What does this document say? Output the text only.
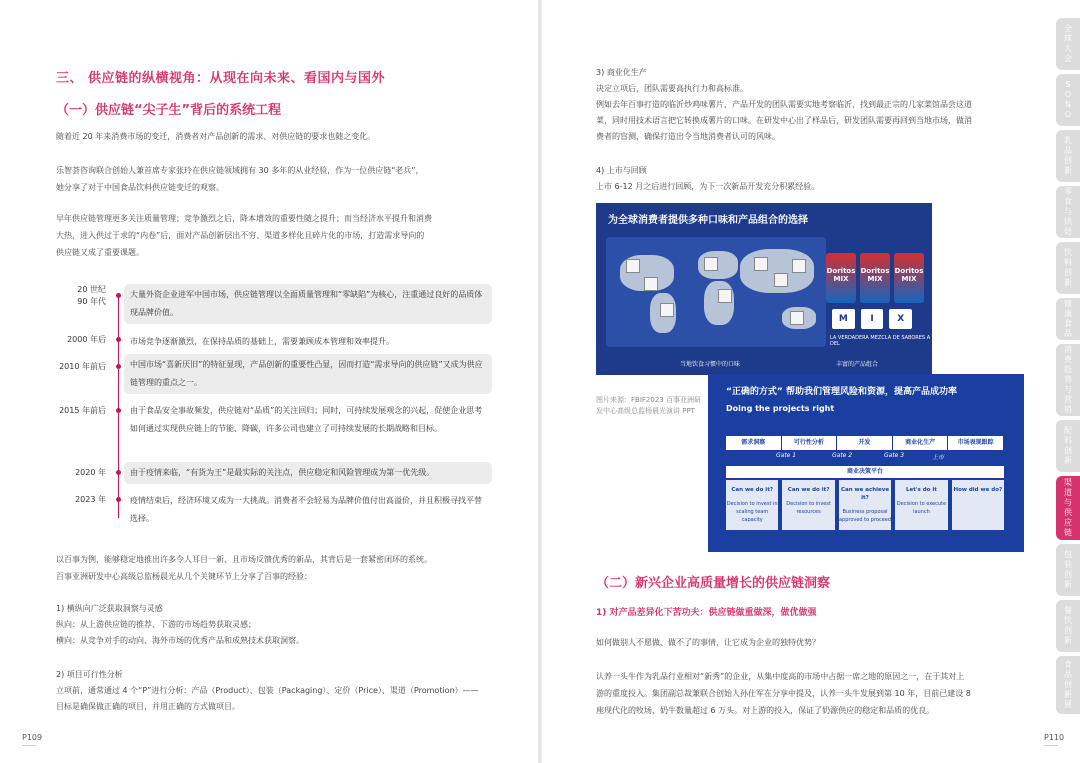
三、 供应链的纵横视角：从现在向未来、看国内与国外
（一）供应链“尖子生”背后的系统工程
随着近 20 年来消费市场的变迁，消费者对产品创新的需求、对供应链的要求也随之变化。
乐智荟咨询联合创始人兼首席专家张玲在供应链领域拥有 30 多年的从业经验，作为一位供应链“老兵”，
她分享了对于中国食品饮料供应链变迁的观察。
早年供应链管理更多关注质量管理；竞争激烈之后，降本增效的重要性随之提升；而当经济水平提升和消费
大热，进入供过于求的“内卷”后，面对产品创新层出不穷、渠道多样化且碎片化的市场，打造需求导向的
供应链又成了重要课题。
20 世纪
90 年代
大量外资企业进军中国市场，供应链管理以全面质量管理和“零缺陷”为核心，注重通过良好的品质体现品牌价值。
2000 年后	市场竞争逐渐激烈，在保持品质的基础上，需要兼顾成本管理和效率提升。
2010 年前后	中国市场“喜新厌旧”的特征显现，产品创新的重要性凸显，因而打造“需求导向的供应链”又成为供应链管理的重点之一。
2015 年前后	由于食品安全事故频发，供应链对“品质”的关注回归；同时，可持续发展观念的兴起，促使企业思考如何通过实现供应链上的节能、降碳，许多公司也建立了可持续发展的长期战略和目标。
2020 年	由于疫情来临，“有货为王”是最实际的关注点，供应稳定和风险管理成为第一优先级。
2023 年	疫情结束后，经济环境又成为一大挑战。消费者不会轻易为品牌价值付出高溢价，并且积极寻找平替选择。
以百事为例，能够稳定地推出许多令人耳目一新、且市场反馈优秀的新品，其背后是一套紧密闭环的系统。
百事亚洲研发中心高级总监杨晨光从几个关键环节上分享了百事的经验：
1) 横纵向广泛获取洞察与灵感
纵向：从上游供应链的推荐、下游的市场趋势获取灵感；
横向：从竞争对手的动向、海外市场的优秀产品和成熟技术获取洞察。
2) 项目可行性分析
立项前，通常通过 4 个“P”进行分析：产品（Product）、包装（Packaging）、定价（Price）、渠道（Promotion）——
目标是确保做正确的项目，并用正确的方式做项目。
P109
3) 商业化生产
决定立项后，团队需要高执行力和高标准。
例如去年百事打造的临沂炒鸡味薯片，产品开发的团队需要实地考察临沂，找到最正宗的几家菜馆品尝这道
菜，同时用技术语言把它转换成薯片的口味。在研发中心出了样品后，研发团队需要再回到当地市场，做消
费者的盲测，确保打造出令当地消费者认可的风味。
4) 上市与回顾
上市 6-12 月之后进行回顾，为下一次新品开发充分积累经验。
为全球消费者提供多种口味和产品组合的选择
Doritos
MIX
Doritos
MIX
Doritos
MIX
M	I	X
LA VERDADERA MEZCLA DE SABORES A DEL
当地饮食习惯中的口味	丰富的产品组合
图片来源：FBIF2023 百事亚洲研发中心高级总监杨晨光演讲 PPT
“正确的方式” 帮助我们管理风险和资源，提高产品成功率
Doing the projects right
需求洞察	可行性分析	开发	商业化生产	市场表现跟踪
Gate 1	Gate 2	Gate 3	上市
商业决策平台
Can we do it?
Decision to invest in scaling team capacity
Can we do it?
Decision to invest resources
Can we achieve it?
Business proposal approved to proceed
Let's do it
Decision to execute launch
How did we do?
（二）新兴企业高质量增长的供应链洞察
1) 对产品差异化下苦功夫：供应链做重做深，做优做强
如何做别人不愿做、做不了的事情，让它成为企业的独特优势？
认养一头牛作为乳品行业相对“新秀”的企业，从集中度高的市场中占据一席之地的原因之一，在于其对上
游的重度投入。集团副总裁兼联合创始人孙仕军在分享中提及，认养一头牛发展到第 10 年，目前已建设 8
座现代化的牧场，奶牛数量超过 6 万头。对上游的投入，保证了奶源供应的稳定和品质的优良。
P110
全球大会
SONO
乳品创新
零食与烘焙
饮料创新
健康食品
消费趋势与营销
配料创新
渠道与供应链
包装创新
餐饮创新
食品创新展
